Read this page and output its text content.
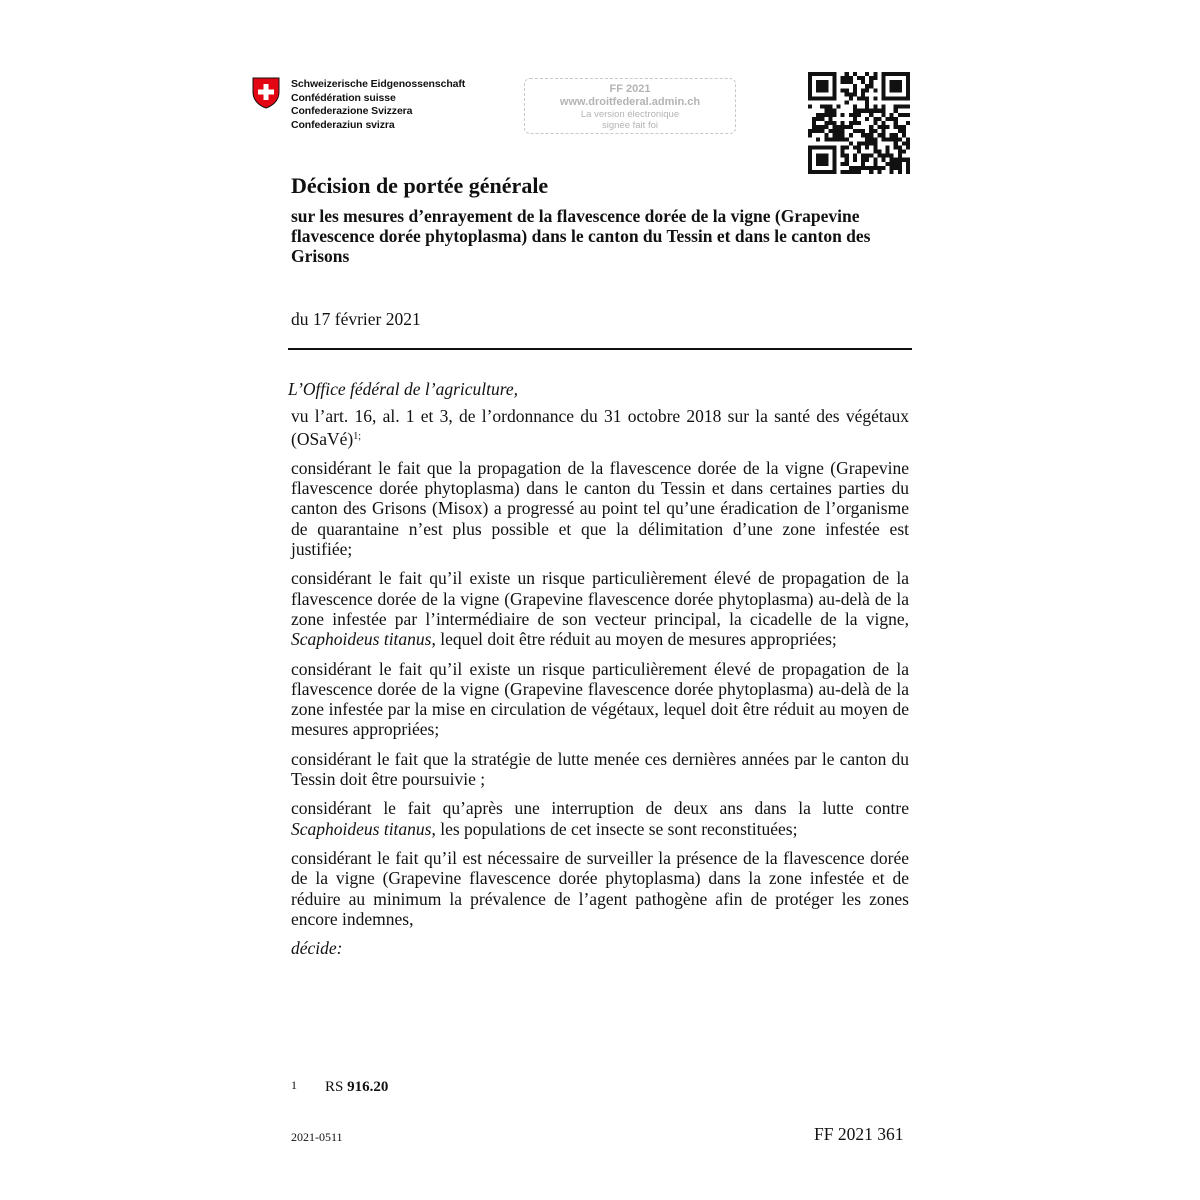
Schweizerische Eidgenossenschaft
Confédération suisse
Confederazione Svizzera
Confederaziun svizra
FF 2021
www.droitfederal.admin.ch
La version électronique
signée fait foi
Décision de portée générale
sur les mesures d’enrayement de la flavescence dorée de la vigne (Grapevine flavescence dorée phytoplasma) dans le canton du Tessin et dans le canton des Grisons
du 17 février 2021

L’Office fédéral de l’agriculture,

vu l’art. 16, al. 1 et 3, de l’ordonnance du 31 octobre 2018 sur la santé des végétaux (OSaVé)$^{1;}$

considérant le fait que la propagation de la flavescence dorée de la vigne (Grapevine flavescence dorée phytoplasma) dans le canton du Tessin et dans certaines parties du canton des Grisons (Misox) a progressé au point tel qu’une éradication de l’organisme de quarantaine n’est plus possible et que la délimitation d’une zone infestée est justifiée;

considérant le fait qu’il existe un risque particulièrement élevé de propagation de la flavescence dorée de la vigne (Grapevine flavescence dorée phytoplasma) au-delà de la zone infestée par l’intermédiaire de son vecteur principal, la cicadelle de la vigne, Scaphoideus titanus, lequel doit être réduit au moyen de mesures appropriées;

considérant le fait qu’il existe un risque particulièrement élevé de propagation de la flavescence dorée de la vigne (Grapevine flavescence dorée phytoplasma) au-delà de la zone infestée par la mise en circulation de végétaux, lequel doit être réduit au moyen de mesures appropriées;

considérant le fait que la stratégie de lutte menée ces dernières années par le canton du Tessin doit être poursuivie ;

considérant le fait qu’après une interruption de deux ans dans la lutte contre Scaphoideus titanus, les populations de cet insecte se sont reconstituées;

considérant le fait qu’il est nécessaire de surveiller la présence de la flavescence dorée de la vigne (Grapevine flavescence dorée phytoplasma) dans la zone infestée et de réduire au minimum la prévalence de l’agent pathogène afin de protéger les zones encore indemnes,

décide:

1 RS 916.20
2021-0511	FF 2021 361
